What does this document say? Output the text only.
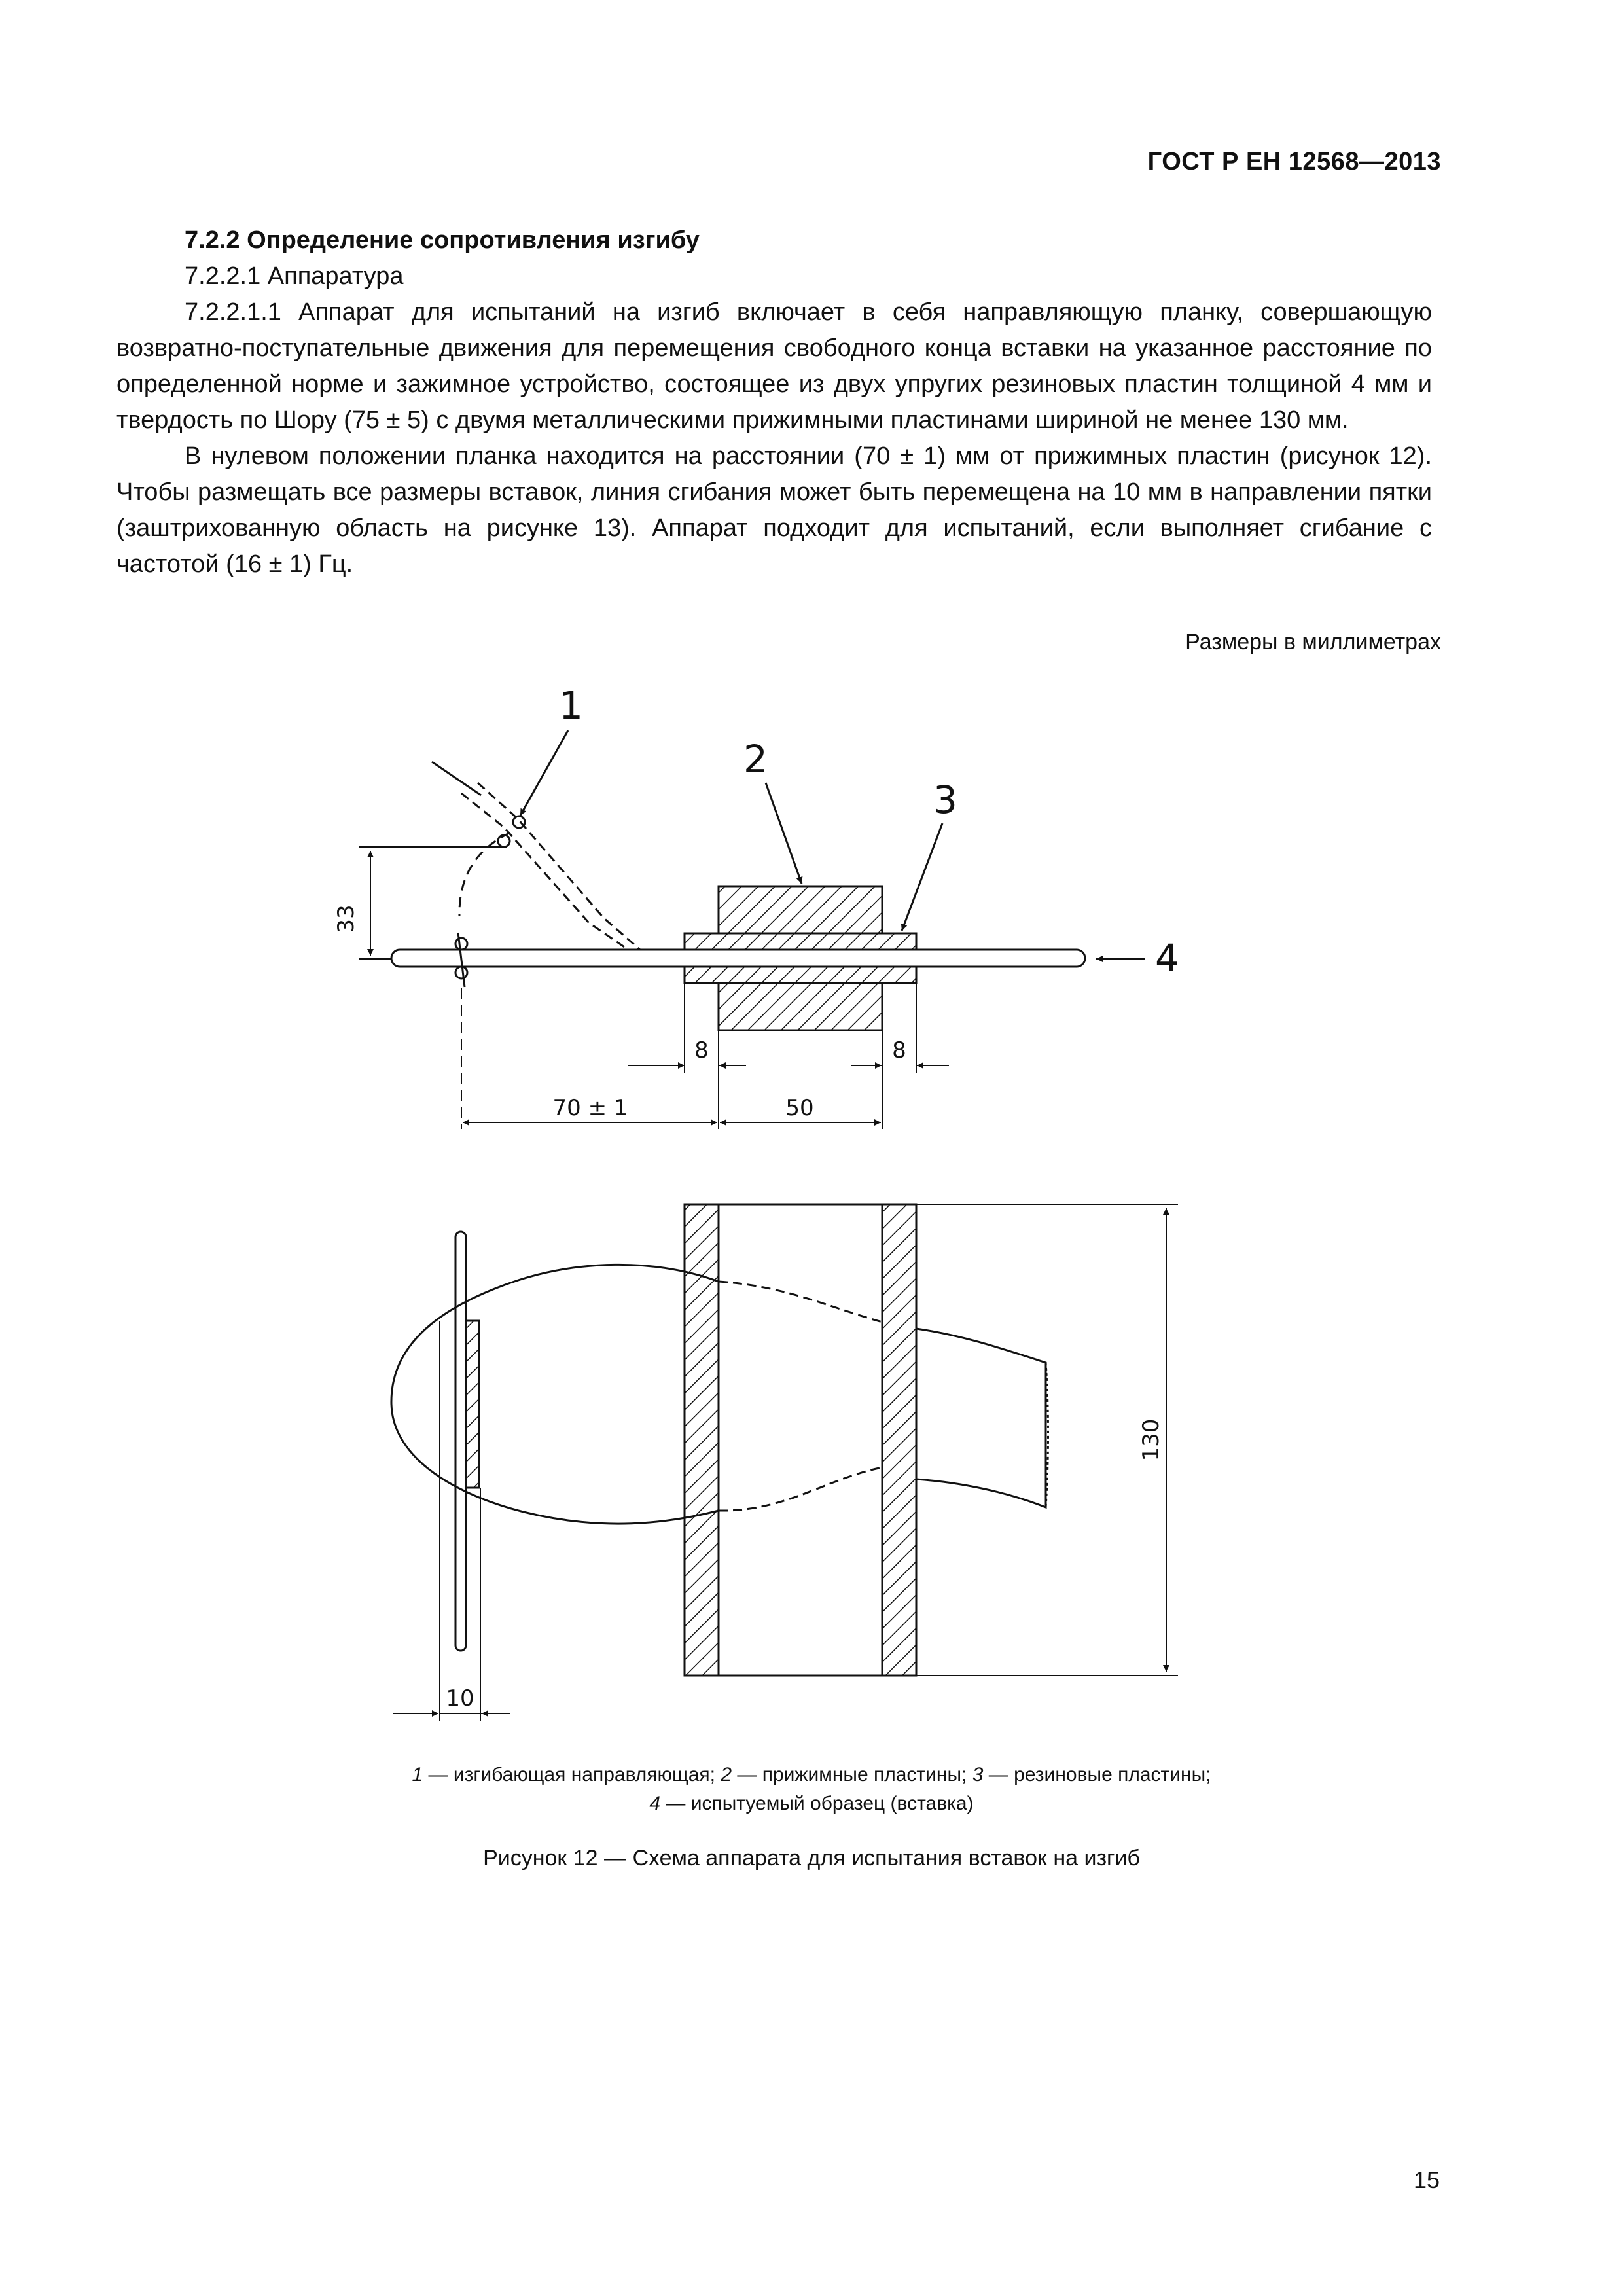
ГОСТ Р ЕН 12568—2013
7.2.2 Определение сопротивления изгибу
7.2.2.1 Аппаратура

7.2.2.1.1 Аппарат для испытаний на изгиб включает в себя направляющую планку, совершающую возвратно-поступательные движения для перемещения свободного конца вставки на указанное расстояние по определенной норме и зажимное устройство, состоящее из двух упругих резиновых пластин толщиной 4 мм и твердость по Шору (75 ± 5) с двумя металлическими прижимными пластинами шириной не менее 130 мм.

В нулевом положении планка находится на расстоянии (70 ± 1) мм от прижимных пластин (рисунок 12). Чтобы размещать все размеры вставок, линия сгибания может быть перемещена на 10 мм в направлении пятки (заштрихованную область на рисунке 13). Аппарат подходит для испытаний, если выполняет сгибание с частотой (16 ± 1) Гц.

Размеры в миллиметрах
1
2
3
4
33
8	8
70 ± 1	50
130
10
1 — изгибающая направляющая; 2 — прижимные пластины; 3 — резиновые пластины;
4 — испытуемый образец (вставка)
Рисунок 12 — Схема аппарата для испытания вставок на изгиб
15
